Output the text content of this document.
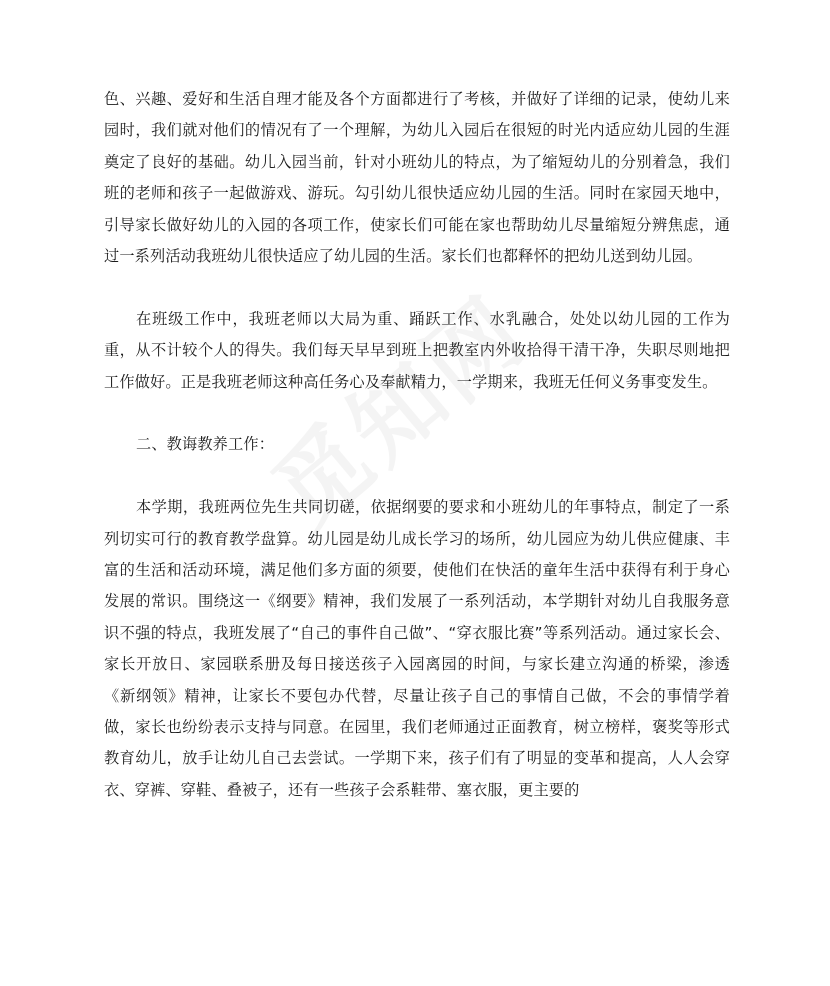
色、兴趣、爱好和生活自理才能及各个方面都进行了考核，并做好了详细的记录，使幼儿来园时，我们就对他们的情况有了一个理解，为幼儿入园后在很短的时光内适应幼儿园的生涯奠定了良好的基础。幼儿入园当前，针对小班幼儿的特点，为了缩短幼儿的分别着急，我们班的老师和孩子一起做游戏、游玩。勾引幼儿很快适应幼儿园的生活。同时在家园天地中，引导家长做好幼儿的入园的各项工作，使家长们可能在家也帮助幼儿尽量缩短分辨焦虑，通过一系列活动我班幼儿很快适应了幼儿园的生活。家长们也都释怀的把幼儿送到幼儿园。

在班级工作中，我班老师以大局为重、踊跃工作、水乳融合，处处以幼儿园的工作为重，从不计较个人的得失。我们每天早早到班上把教室内外收拾得干清干净，失职尽则地把工作做好。正是我班老师这种高任务心及奉献精力，一学期来，我班无任何义务事变发生。

二、教诲教养工作：

本学期，我班两位先生共同切磋，依据纲要的要求和小班幼儿的年事特点，制定了一系列切实可行的教育教学盘算。幼儿园是幼儿成长学习的场所，幼儿园应为幼儿供应健康、丰富的生活和活动环境，满足他们多方面的须要，使他们在快活的童年生活中获得有利于身心发展的常识。围绕这一《纲要》精神，我们发展了一系列活动，本学期针对幼儿自我服务意识不强的特点，我班发展了“自己的事件自己做”、“穿衣服比赛”等系列活动。通过家长会、家长开放日、家园联系册及每日接送孩子入园离园的时间，与家长建立沟通的桥梁，渗透《新纲领》精神，让家长不要包办代替，尽量让孩子自己的事情自己做，不会的事情学着做，家长也纷纷表示支持与同意。在园里，我们老师通过正面教育，树立榜样，褒奖等形式教育幼儿，放手让幼儿自己去尝试。一学期下来，孩子们有了明显的变革和提高，人人会穿衣、穿裤、穿鞋、叠被子，还有一些孩子会系鞋带、塞衣服，更主要的
